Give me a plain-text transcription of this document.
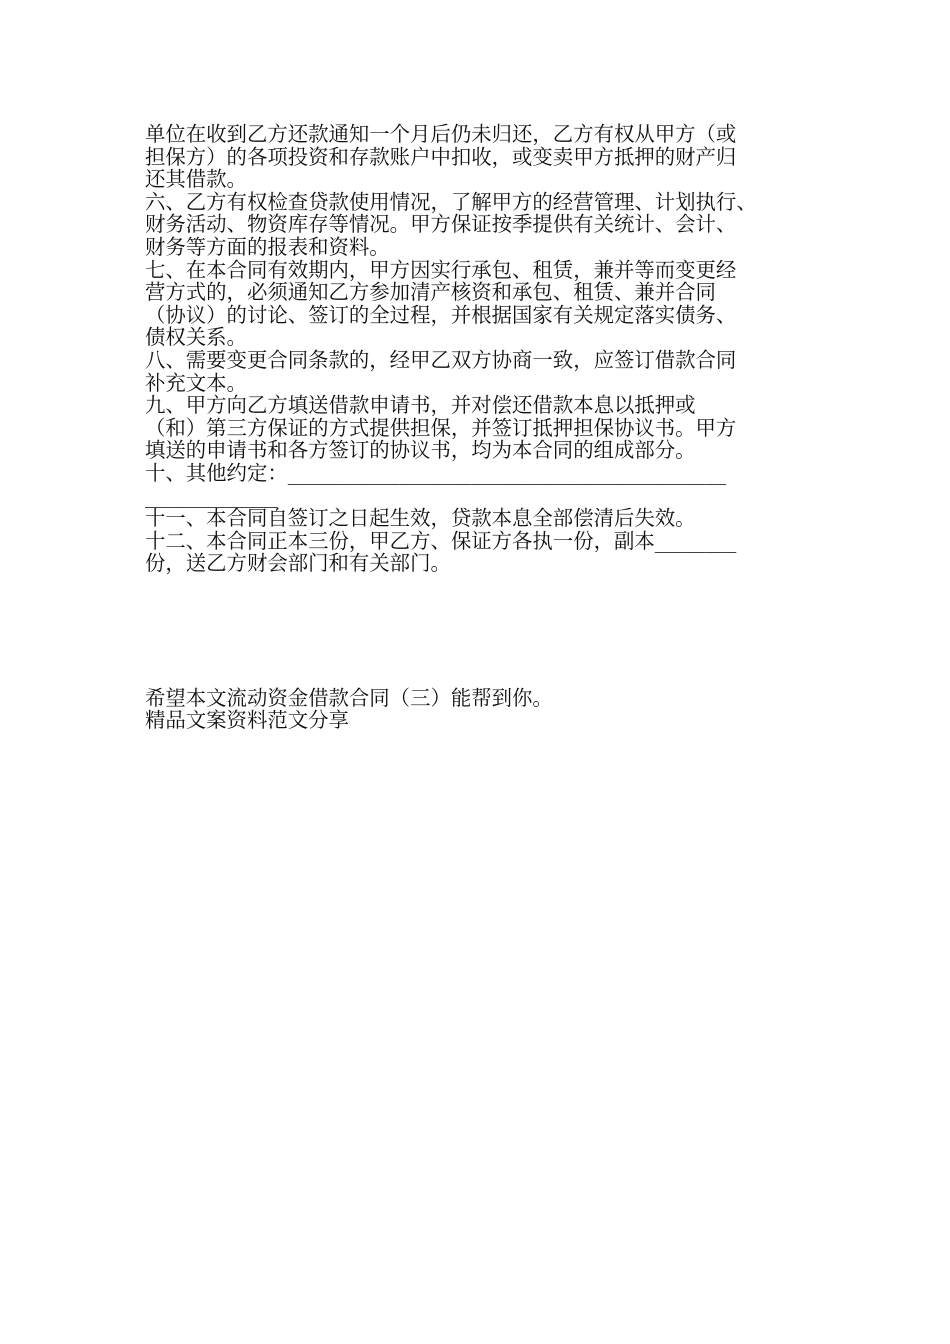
单位在收到乙方还款通知一个月后仍未归还，乙方有权从甲方（或

担保方）的各项投资和存款账户中扣收，或变卖甲方抵押的财产归

还其借款。

六、乙方有权检查贷款使用情况，了解甲方的经营管理、计划执行、

财务活动、物资库存等情况。甲方保证按季提供有关统计、会计、

财务等方面的报表和资料。

七、在本合同有效期内，甲方因实行承包、租赁，兼并等而变更经

营方式的，必须通知乙方参加清产核资和承包、租赁、兼并合同

（协议）的讨论、签订的全过程，并根据国家有关规定落实债务、

债权关系。

八、需要变更合同条款的，经甲乙双方协商一致，应签订借款合同

补充文本。

九、甲方向乙方填送借款申请书，并对偿还借款本息以抵押或

（和）第三方保证的方式提供担保，并签订抵押担保协议书。甲方

填送的申请书和各方签订的协议书，均为本合同的组成部分。

十、其他约定：___________________________________________

_____________

十一、本合同自签订之日起生效，贷款本息全部偿清后失效。

十二、本合同正本三份，甲乙方、保证方各执一份，副本________

份，送乙方财会部门和有关部门。

希望本文流动资金借款合同（三）能帮到你。

精品文案资料范文分享
